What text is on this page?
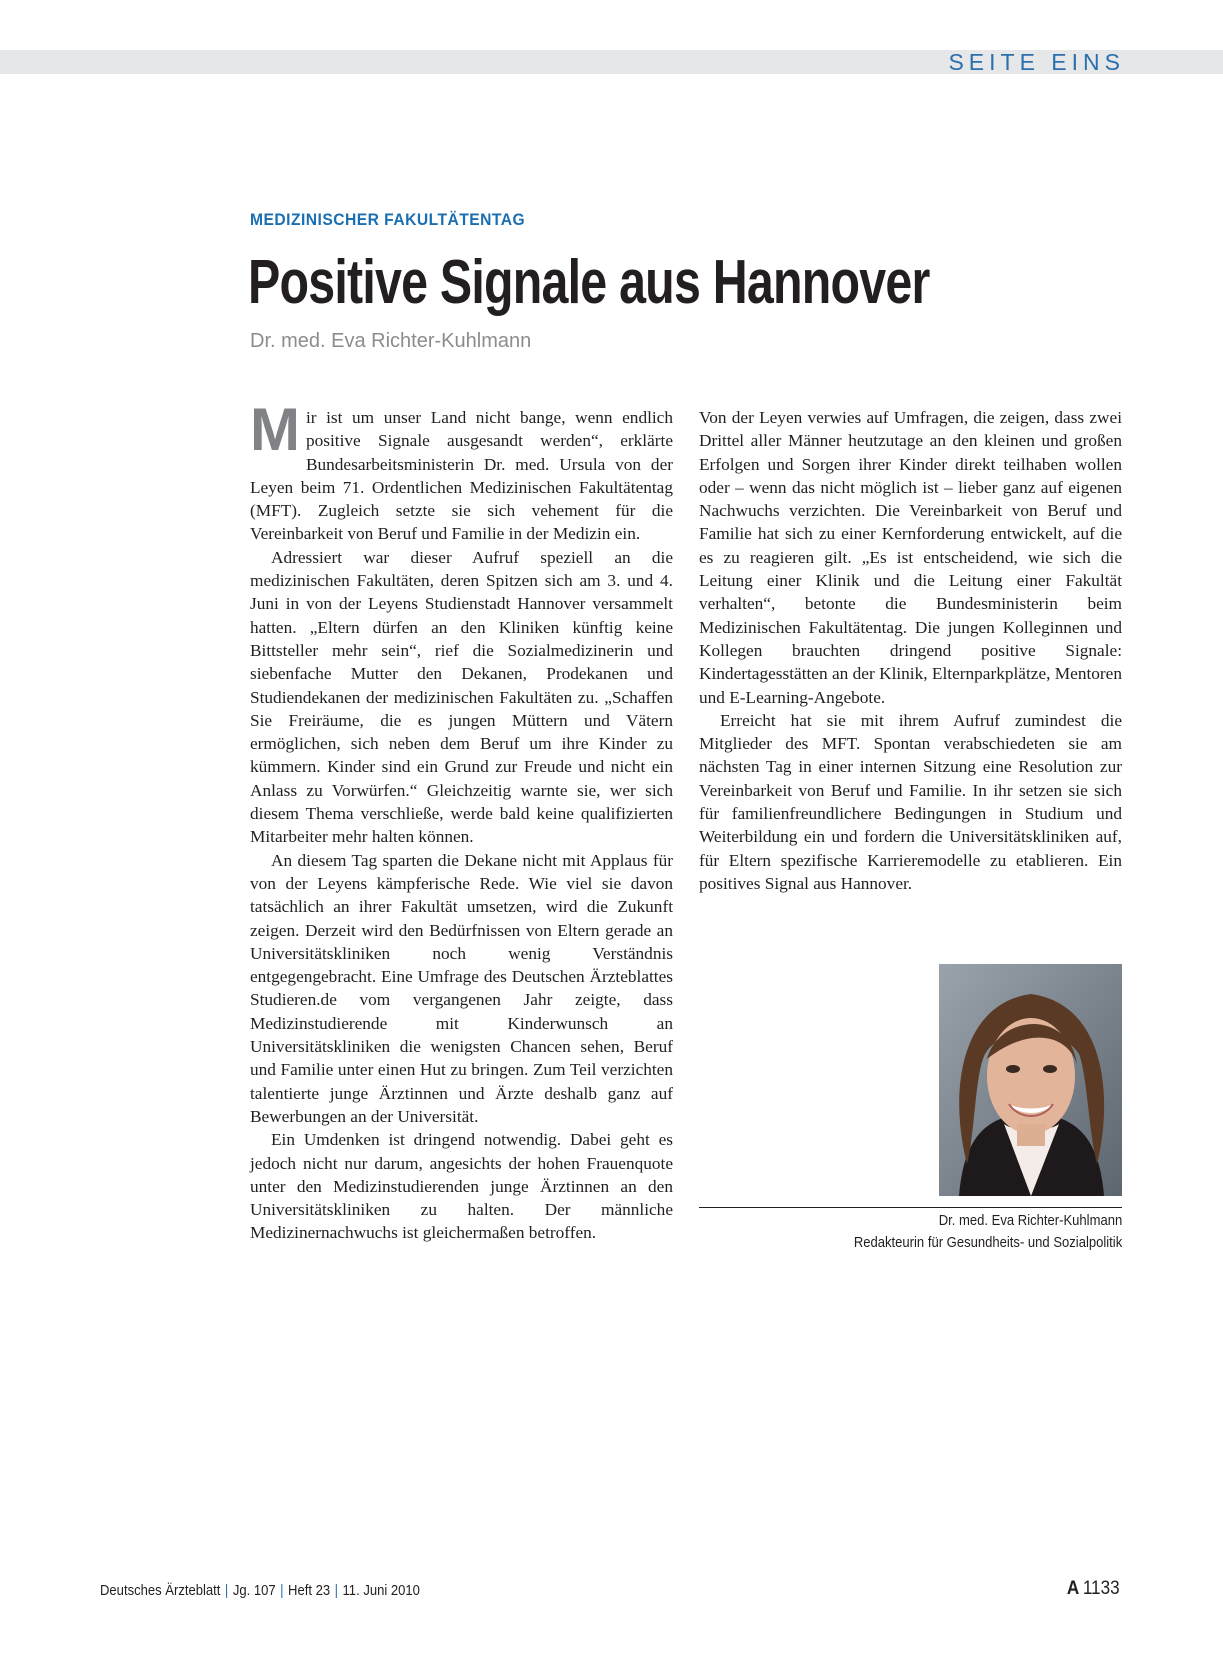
SEITE EINS
MEDIZINISCHER FAKULTÄTENTAG
Positive Signale aus Hannover
Dr. med. Eva Richter-Kuhlmann

Mir ist um unser Land nicht bange, wenn endlich positive Signale ausgesandt werden“, erklärte Bundesarbeitsministerin Dr. med. Ursula von der Leyen beim 71. Ordentlichen Medizinischen Fakultätentag (MFT). Zugleich setzte sie sich vehement für die Vereinbarkeit von Beruf und Familie in der Medizin ein.

Adressiert war dieser Aufruf speziell an die medizinischen Fakultäten, deren Spitzen sich am 3. und 4. Juni in von der Leyens Studienstadt Hannover versammelt hatten. „Eltern dürfen an den Kliniken künftig keine Bittsteller mehr sein“, rief die Sozialmedizinerin und siebenfache Mutter den Dekanen, Prodekanen und Studiendekanen der medizinischen Fakultäten zu. „Schaffen Sie Freiräume, die es jungen Müttern und Vätern ermöglichen, sich neben dem Beruf um ihre Kinder zu kümmern. Kinder sind ein Grund zur Freude und nicht ein Anlass zu Vorwürfen.“ Gleichzeitig warnte sie, wer sich diesem Thema verschließe, werde bald keine qualifizierten Mitarbeiter mehr halten können.

An diesem Tag sparten die Dekane nicht mit Applaus für von der Leyens kämpferische Rede. Wie viel sie davon tatsächlich an ihrer Fakultät umsetzen, wird die Zukunft zeigen. Derzeit wird den Bedürfnissen von Eltern gerade an Universitätskliniken noch wenig Verständnis entgegengebracht. Eine Umfrage des Deutschen Ärzteblattes Studieren.de vom vergangenen Jahr zeigte, dass Medizinstudierende mit Kinderwunsch an Universitätskliniken die wenigsten Chancen sehen, Beruf und Familie unter einen Hut zu bringen. Zum Teil verzichten talentierte junge Ärztinnen und Ärzte deshalb ganz auf Bewerbungen an der Universität.

Ein Umdenken ist dringend notwendig. Dabei geht es jedoch nicht nur darum, angesichts der hohen Frauenquote unter den Medizinstudierenden junge Ärztinnen an den Universitätskliniken zu halten. Der männliche Medizinernachwuchs ist gleichermaßen betroffen.

Von der Leyen verwies auf Umfragen, die zeigen, dass zwei Drittel aller Männer heutzutage an den kleinen und großen Erfolgen und Sorgen ihrer Kinder direkt teilhaben wollen oder – wenn das nicht möglich ist – lieber ganz auf eigenen Nachwuchs verzichten. Die Vereinbarkeit von Beruf und Familie hat sich zu einer Kernforderung entwickelt, auf die es zu reagieren gilt. „Es ist entscheidend, wie sich die Leitung einer Klinik und die Leitung einer Fakultät verhalten“, betonte die Bundesministerin beim Medizinischen Fakultätentag. Die jungen Kolleginnen und Kollegen brauchten dringend positive Signale: Kindertagesstätten an der Klinik, Elternparkplätze, Mentoren und E-Learning-Angebote.

Erreicht hat sie mit ihrem Aufruf zumindest die Mitglieder des MFT. Spontan verabschiedeten sie am nächsten Tag in einer internen Sitzung eine Resolution zur Vereinbarkeit von Beruf und Familie. In ihr setzen sie sich für familienfreundlichere Bedingungen in Studium und Weiterbildung ein und fordern die Universitätskliniken auf, für Eltern spezifische Karrieremodelle zu etablieren. Ein positives Signal aus Hannover.

Dr. med. Eva Richter-Kuhlmann
Redakteurin für Gesundheits- und Sozialpolitik
Deutsches Ärzteblatt | Jg. 107 | Heft 23 | 11. Juni 2010	A 1133
